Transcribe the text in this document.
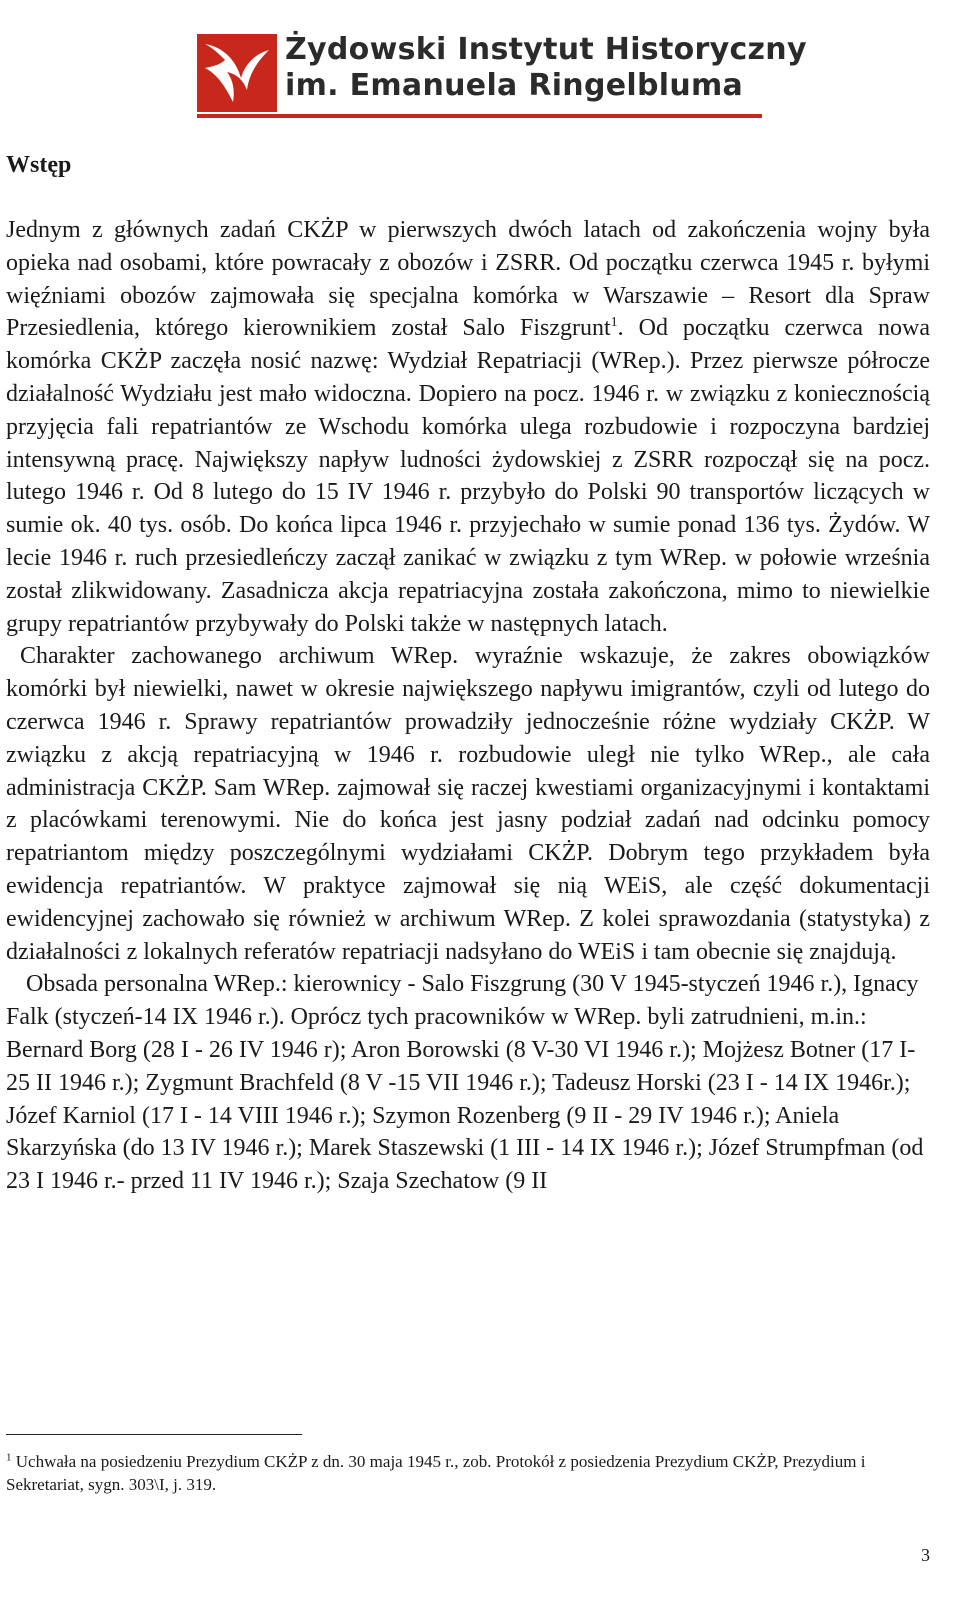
Żydowski Instytut Historyczny
im. Emanuela Ringelbluma
Wstęp

Jednym z głównych zadań CKŻP w pierwszych dwóch latach od zakończenia wojny była opieka nad osobami, które powracały z obozów i ZSRR. Od początku czerwca 1945 r. byłymi więźniami obozów zajmowała się specjalna komórka w Warszawie – Resort dla Spraw Przesiedlenia, którego kierownikiem został Salo Fiszgrunt$^1$. Od początku czerwca nowa komórka CKŻP zaczęła nosić nazwę: Wydział Repatriacji (WRep.). Przez pierwsze półrocze działalność Wydziału jest mało widoczna. Dopiero na pocz. 1946 r. w związku z koniecznością przyjęcia fali repatriantów ze Wschodu komórka ulega rozbudowie i rozpoczyna bardziej intensywną pracę. Największy napływ ludności żydowskiej z ZSRR rozpoczął się na pocz. lutego 1946 r. Od 8 lutego do 15 IV 1946 r. przybyło do Polski 90 transportów liczących w sumie ok. 40 tys. osób. Do końca lipca 1946 r. przyjechało w sumie ponad 136 tys. Żydów. W lecie 1946 r. ruch przesiedleńczy zaczął zanikać w związku z tym WRep. w połowie września został zlikwidowany. Zasadnicza akcja repatriacyjna została zakończona, mimo to niewielkie grupy repatriantów przybywały do Polski także w następnych latach.

Charakter zachowanego archiwum WRep. wyraźnie wskazuje, że zakres obowiązków komórki był niewielki, nawet w okresie największego napływu imigrantów, czyli od lutego do czerwca 1946 r. Sprawy repatriantów prowadziły jednocześnie różne wydziały CKŻP. W związku z akcją repatriacyjną w 1946 r. rozbudowie uległ nie tylko WRep., ale cała administracja CKŻP. Sam WRep. zajmował się raczej kwestiami organizacyjnymi i kontaktami z placówkami terenowymi. Nie do końca jest jasny podział zadań nad odcinku pomocy repatriantom między poszczególnymi wydziałami CKŻP. Dobrym tego przykładem była ewidencja repatriantów. W praktyce zajmował się nią WEiS, ale część dokumentacji ewidencyjnej zachowało się również w archiwum WRep. Z kolei sprawozdania (statystyka) z działalności z lokalnych referatów repatriacji nadsyłano do WEiS i tam obecnie się znajdują.

Obsada personalna WRep.: kierownicy - Salo Fiszgrung (30 V 1945-styczeń 1946 r.), Ignacy Falk (styczeń-14 IX 1946 r.). Oprócz tych pracowników w WRep. byli zatrudnieni, m.in.: Bernard Borg (28 I - 26 IV 1946 r); Aron Borowski (8 V-30 VI 1946 r.); Mojżesz Botner (17 I-25 II 1946 r.); Zygmunt Brachfeld (8 V -15 VII 1946 r.); Tadeusz Horski (23 I - 14 IX 1946r.); Józef Karniol (17 I - 14 VIII 1946 r.); Szymon Rozenberg (9 II - 29 IV 1946 r.); Aniela Skarzyńska (do 13 IV 1946 r.); Marek Staszewski (1 III - 14 IX 1946 r.); Józef Strumpfman (od 23 I 1946 r.- przed 11 IV 1946 r.); Szaja Szechatow (9 II

$^1$ Uchwała na posiedzeniu Prezydium CKŻP z dn. 30 maja 1945 r., zob. Protokół z posiedzenia Prezydium CKŻP, Prezydium i Sekretariat, sygn. 303\I, j. 319.
3
